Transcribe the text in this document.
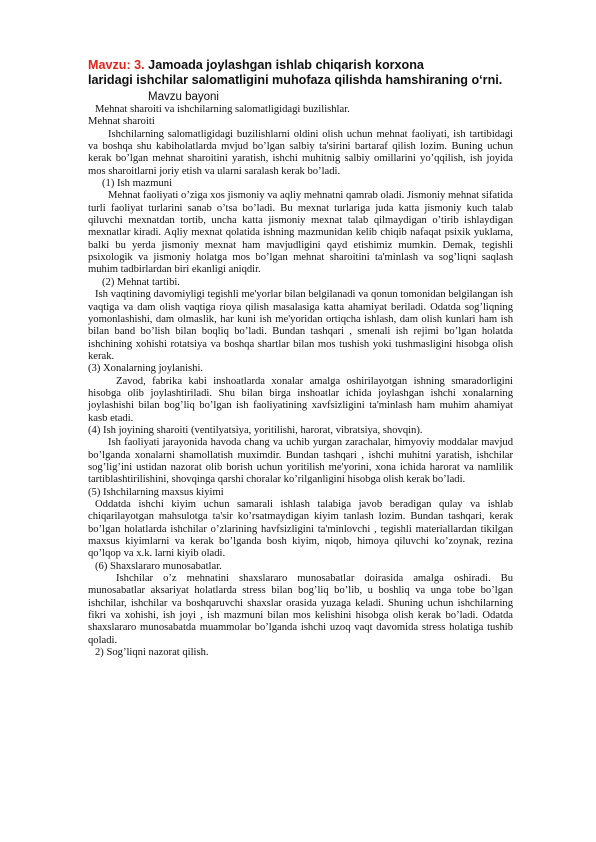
Mavzu: 3. Jamoada joylashgan ishlab chiqarish korxona
laridagi ishchilar salomatligini muhofaza qilishda hamshiraning o‘rni.
Mavzu bayoni

Mehnat sharoiti va ishchilarning salomatligidagi buzilishlar.

Mehnat sharoiti

Ishchilarning salomatligidagi buzilishlarni oldini olish uchun mehnat faoliyati, ish tartibidagi va boshqa shu kabiholatlarda mvjud bo’lgan salbiy ta'sirini bartaraf qilish lozim. Buning uchun kerak bo’lgan mehnat sharoitini yaratish, ishchi muhitnig salbiy omillarini yo’qqilish, ish joyida mos sharoitlarni joriy etish va ularni saralash kerak bo’ladi.

(1) Ish mazmuni

Mehnat faoliyati o’ziga xos jismoniy va aqliy mehnatni qamrab oladi. Jismoniy mehnat sifatida turli faoliyat turlarini sanab o’tsa bo’ladi. Bu mexnat turlariga juda katta jismoniy kuch talab qiluvchi mexnatdan tortib, uncha katta jismoniy mexnat talab qilmaydigan o’tirib ishlaydigan mexnatlar kiradi. Aqliy mexnat qolatida ishning mazmunidan kelib chiqib nafaqat psixik yuklama, balki bu yerda jismoniy mexnat ham mavjudligini qayd etishimiz mumkin. Demak, tegishli psixologik va jismoniy holatga mos bo’lgan mehnat sharoitini ta'minlash va sog’liqni saqlash muhim tadbirlardan biri ekanligi aniqdir.

(2) Mehnat tartibi.

Ish vaqtining davomiyligi tegishli me'yorlar bilan belgilanadi va qonun tomonidan belgilangan ish vaqtiga va dam olish vaqtiga rioya qilish masalasiga katta ahamiyat beriladi. Odatda sog’liqning yomonlashishi, dam olmaslik, har kuni ish me'yoridan ortiqcha ishlash, dam olish kunlari ham ish bilan band bo’lish bilan boqliq bo’ladi. Bundan tashqari , smenali ish rejimi bo’lgan holatda ishchining xohishi rotatsiya va boshqa shartlar bilan mos tushish yoki tushmasligini hisobga olish kerak.

(3) Xonalarning joylanishi.

Zavod, fabrika kabi inshoatlarda xonalar amalga oshirilayotgan ishning smaradorligini hisobga olib joylashtiriladi. Shu bilan birga inshoatlar ichida joylashgan ishchi xonalarning joylashishi bilan bog’liq bo’lgan ish faoliyatining xavfsizligini ta'minlash ham muhim ahamiyat kasb etadi.

(4) Ish joyining sharoiti (ventilyatsiya, yoritilishi, harorat, vibratsiya, shovqin).

Ish faoliyati jarayonida havoda chang va uchib yurgan zarachalar, himyoviy moddalar mavjud bo’lganda xonalarni shamollatish muximdir. Bundan tashqari , ishchi muhitni yaratish, ishchilar sog’lig’ini ustidan nazorat olib borish uchun yoritilish me'yorini, xona ichida harorat va namlilik tartiblashtirilishini, shovqinga qarshi choralar ko’rilganligini hisobga olish kerak bo’ladi.

(5) Ishchilarning maxsus kiyimi

Oddatda ishchi kiyim uchun samarali ishlash talabiga javob beradigan qulay va ishlab chiqarilayotgan mahsulotga ta'sir ko’rsatmaydigan kiyim tanlash lozim. Bundan tashqari, kerak bo’lgan holatlarda ishchilar o’zlarining havfsizligini ta'minlovchi , tegishli materiallardan tikilgan maxsus kiyimlarni va kerak bo’lganda bosh kiyim, niqob, himoya qiluvchi ko’zoynak, rezina qo’lqop va x.k. larni kiyib oladi.

(6) Shaxslararo munosabatlar.

Ishchilar o’z mehnatini shaxslararo munosabatlar doirasida amalga oshiradi. Bu munosabatlar aksariyat holatlarda stress bilan bog’liq bo’lib, u boshliq va unga tobe bo’lgan ishchilar, ishchilar va boshqaruvchi shaxslar orasida yuzaga keladi. Shuning uchun ishchilarning fikri va xohishi, ish joyi , ish mazmuni bilan mos kelishini hisobga olish kerak bo’ladi. Odatda shaxslararo munosabatda muammolar bo’lganda ishchi uzoq vaqt davomida stress holatiga tushib qoladi.

2) Sog’liqni nazorat qilish.
